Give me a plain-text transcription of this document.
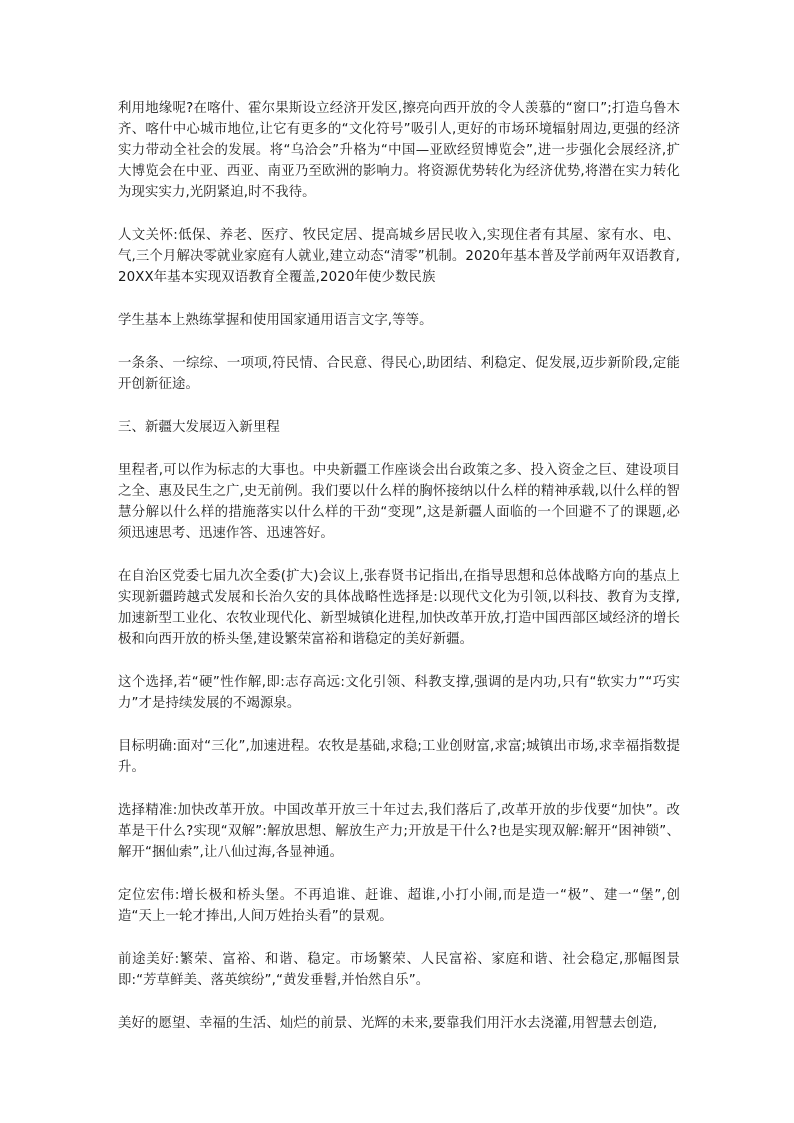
利用地缘呢?在喀什、霍尔果斯设立经济开发区,擦亮向西开放的令人羡慕的“窗口”;打造乌鲁木齐、喀什中心城市地位,让它有更多的“文化符号”吸引人,更好的市场环境辐射周边,更强的经济实力带动全社会的发展。将“乌洽会”升格为“中国—亚欧经贸博览会”,进一步强化会展经济,扩大博览会在中亚、西亚、南亚乃至欧洲的影响力。将资源优势转化为经济优势,将潜在实力转化为现实实力,光阴紧迫,时不我待。

人文关怀:低保、养老、医疗、牧民定居、提高城乡居民收入,实现住者有其屋、家有水、电、气,三个月解决零就业家庭有人就业,建立动态“清零”机制。2020年基本普及学前两年双语教育,20XX年基本实现双语教育全覆盖,2020年使少数民族

学生基本上熟练掌握和使用国家通用语言文字,等等。

一条条、一综综、一项项,符民情、合民意、得民心,助团结、利稳定、促发展,迈步新阶段,定能开创新征途。

三、新疆大发展迈入新里程

里程者,可以作为标志的大事也。中央新疆工作座谈会出台政策之多、投入资金之巨、建设项目之全、惠及民生之广,史无前例。我们要以什么样的胸怀接纳以什么样的精神承载,以什么样的智慧分解以什么样的措施落实以什么样的干劲“变现”,这是新疆人面临的一个回避不了的课题,必须迅速思考、迅速作答、迅速答好。

在自治区党委七届九次全委(扩大)会议上,张春贤书记指出,在指导思想和总体战略方向的基点上实现新疆跨越式发展和长治久安的具体战略性选择是:以现代文化为引领,以科技、教育为支撑,加速新型工业化、农牧业现代化、新型城镇化进程,加快改革开放,打造中国西部区域经济的增长极和向西开放的桥头堡,建设繁荣富裕和谐稳定的美好新疆。

这个选择,若“硬”性作解,即:志存高远:文化引领、科教支撑,强调的是内功,只有“软实力”“巧实力”才是持续发展的不竭源泉。

目标明确:面对“三化”,加速进程。农牧是基础,求稳;工业创财富,求富;城镇出市场,求幸福指数提升。

选择精准:加快改革开放。中国改革开放三十年过去,我们落后了,改革开放的步伐要“加快”。改革是干什么?实现“双解”:解放思想、解放生产力;开放是干什么?也是实现双解:解开“困神锁”、解开“捆仙索”,让八仙过海,各显神通。

定位宏伟:增长极和桥头堡。不再追谁、赶谁、超谁,小打小闹,而是造一“极”、建一“堡”,创造“天上一轮才捧出,人间万姓抬头看”的景观。

前途美好:繁荣、富裕、和谐、稳定。市场繁荣、人民富裕、家庭和谐、社会稳定,那幅图景即:“芳草鲜美、落英缤纷”,“黄发垂髫,并怡然自乐”。

美好的愿望、幸福的生活、灿烂的前景、光辉的未来,要靠我们用汗水去浇灌,用智慧去创造,
